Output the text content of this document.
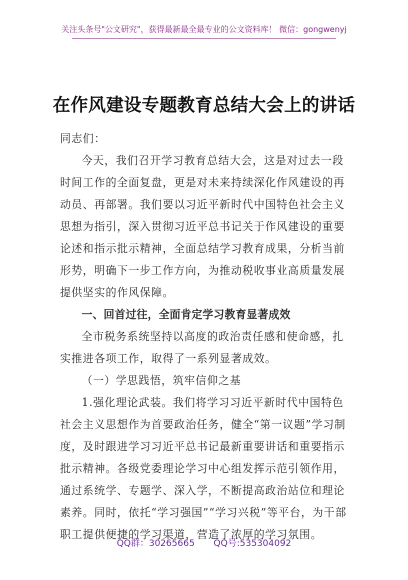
关注头条号"公文研究"，获得最新最全最专业的公文资料库！ 微信：gongwenyj
在作风建设专题教育总结大会上的讲话

同志们：

今天，我们召开学习教育总结大会，这是对过去一段时间工作的全面复盘，更是对未来持续深化作风建设的再动员、再部署。我们要以习近平新时代中国特色社会主义思想为指引，深入贯彻习近平总书记关于作风建设的重要论述和指示批示精神，全面总结学习教育成果，分析当前形势，明确下一步工作方向，为推动税收事业高质量发展提供坚实的作风保障。

一、回首过往，全面肯定学习教育显著成效

全市税务系统坚持以高度的政治责任感和使命感，扎实推进各项工作，取得了一系列显著成效。

（一）学思践悟，筑牢信仰之基

1.强化理论武装。我们将学习习近平新时代中国特色社会主义思想作为首要政治任务，健全“第一议题”学习制度，及时跟进学习习近平总书记最新重要讲话和重要指示批示精神。各级党委理论学习中心组发挥示范引领作用，通过系统学、专题学、深入学，不断提高政治站位和理论素养。同时，依托“学习强国”“学习兴税”等平台，为干部职工提供便捷的学习渠道，营造了浓厚的学习氛围。

QQ群：30265665 QQ号:535304092
